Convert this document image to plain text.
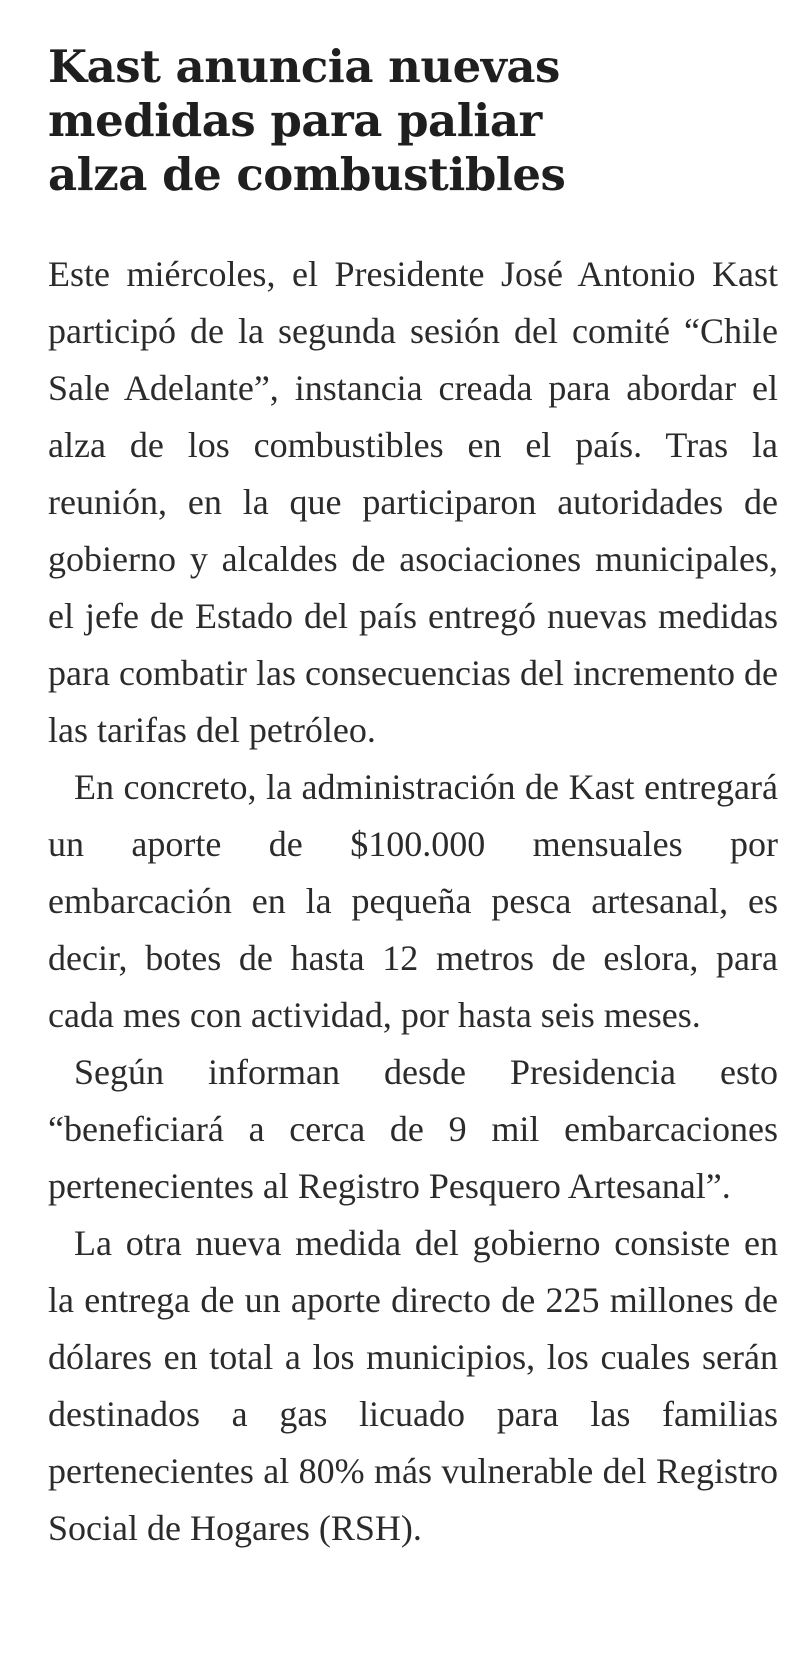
Kast anuncia nuevas
medidas para paliar
alza de combustibles

Este miércoles, el Presidente José Antonio Kast participó de la segunda sesión del comité “Chile Sale Adelante”, instancia creada para abordar el alza de los combustibles en el país. Tras la reunión, en la que participaron autoridades de gobierno y alcaldes de asociaciones municipales, el jefe de Estado del país entregó nuevas medidas para combatir las consecuencias del incremento de las tarifas del petróleo.

En concreto, la administración de Kast entregará un aporte de $100.000 mensuales por embarcación en la pequeña pesca artesanal, es decir, botes de hasta 12 metros de eslora, para cada mes con actividad, por hasta seis meses.

Según informan desde Presidencia esto “beneficiará a cerca de 9 mil embarcaciones pertenecientes al Registro Pesquero Artesanal”.

La otra nueva medida del gobierno consiste en la entrega de un aporte directo de 225 millones de dólares en total a los municipios, los cuales serán destinados a gas licuado para las familias pertenecientes al 80% más vulnerable del Registro Social de Hogares (RSH).
